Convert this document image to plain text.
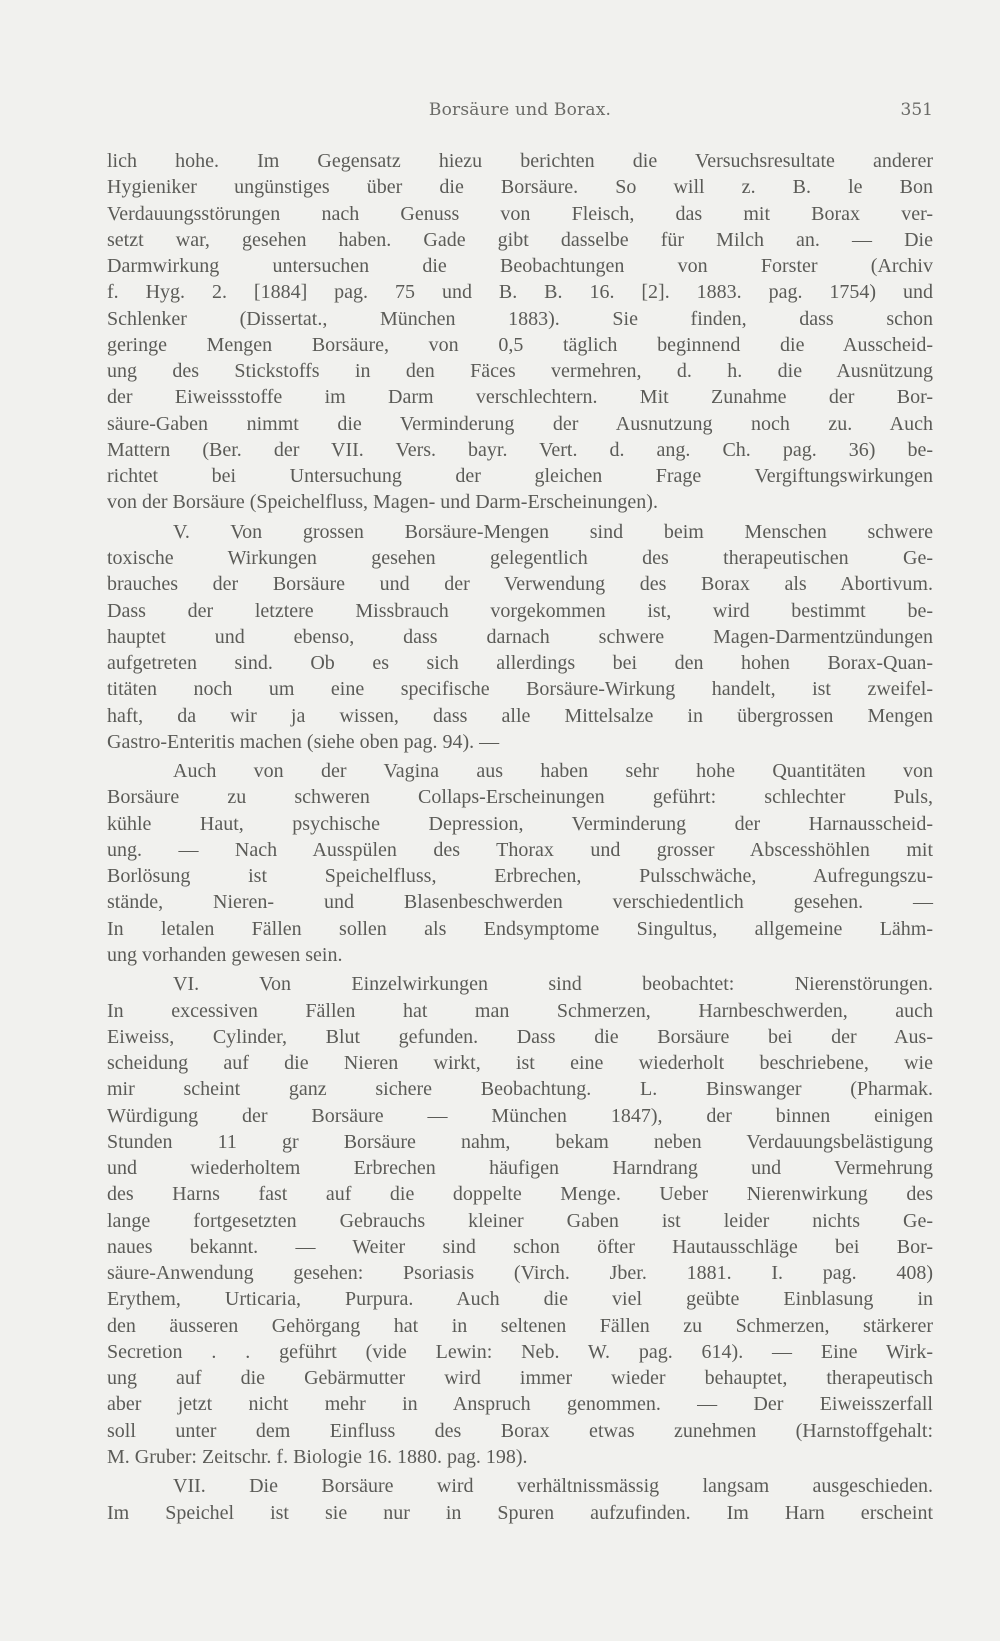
Borsäure und Borax.	351
lich hohe. Im Gegensatz hiezu berichten die Versuchsresultate anderer
Hygieniker ungünstiges über die Borsäure. So will z. B. le Bon
Verdauungsstörungen nach Genuss von Fleisch, das mit Borax ver-
setzt war, gesehen haben. Gade gibt dasselbe für Milch an. — Die
Darmwirkung untersuchen die Beobachtungen von Forster (Archiv
f. Hyg. 2. [1884] pag. 75 und B. B. 16. [2]. 1883. pag. 1754) und
Schlenker (Dissertat., München 1883). Sie finden, dass schon
geringe Mengen Borsäure, von 0,5 täglich beginnend die Ausscheid-
ung des Stickstoffs in den Fäces vermehren, d. h. die Ausnützung
der Eiweissstoffe im Darm verschlechtern. Mit Zunahme der Bor-
säure-Gaben nimmt die Verminderung der Ausnutzung noch zu. Auch
Mattern (Ber. der VII. Vers. bayr. Vert. d. ang. Ch. pag. 36) be-
richtet bei Untersuchung der gleichen Frage Vergiftungswirkungen
von der Borsäure (Speichelfluss, Magen- und Darm-Erscheinungen).
V. Von grossen Borsäure-Mengen sind beim Menschen schwere
toxische Wirkungen gesehen gelegentlich des therapeutischen Ge-
brauches der Borsäure und der Verwendung des Borax als Abortivum.
Dass der letztere Missbrauch vorgekommen ist, wird bestimmt be-
hauptet und ebenso, dass darnach schwere Magen-Darmentzündungen
aufgetreten sind. Ob es sich allerdings bei den hohen Borax-Quan-
titäten noch um eine specifische Borsäure-Wirkung handelt, ist zweifel-
haft, da wir ja wissen, dass alle Mittelsalze in übergrossen Mengen
Gastro-Enteritis machen (siehe oben pag. 94). —
Auch von der Vagina aus haben sehr hohe Quantitäten von
Borsäure zu schweren Collaps-Erscheinungen geführt: schlechter Puls,
kühle Haut, psychische Depression, Verminderung der Harnausscheid-
ung. — Nach Ausspülen des Thorax und grosser Abscesshöhlen mit
Borlösung ist Speichelfluss, Erbrechen, Pulsschwäche, Aufregungszu-
stände, Nieren- und Blasenbeschwerden verschiedentlich gesehen. —
In letalen Fällen sollen als Endsymptome Singultus, allgemeine Lähm-
ung vorhanden gewesen sein.
VI. Von Einzelwirkungen sind beobachtet: Nierenstörungen.
In excessiven Fällen hat man Schmerzen, Harnbeschwerden, auch
Eiweiss, Cylinder, Blut gefunden. Dass die Borsäure bei der Aus-
scheidung auf die Nieren wirkt, ist eine wiederholt beschriebene, wie
mir scheint ganz sichere Beobachtung. L. Binswanger (Pharmak.
Würdigung der Borsäure — München 1847), der binnen einigen
Stunden 11 gr Borsäure nahm, bekam neben Verdauungsbelästigung
und wiederholtem Erbrechen häufigen Harndrang und Vermehrung
des Harns fast auf die doppelte Menge. Ueber Nierenwirkung des
lange fortgesetzten Gebrauchs kleiner Gaben ist leider nichts Ge-
naues bekannt. — Weiter sind schon öfter Hautausschläge bei Bor-
säure-Anwendung gesehen: Psoriasis (Virch. Jber. 1881. I. pag. 408)
Erythem, Urticaria, Purpura. Auch die viel geübte Einblasung in
den äusseren Gehörgang hat in seltenen Fällen zu Schmerzen, stärkerer
Secretion . . geführt (vide Lewin: Neb. W. pag. 614). — Eine Wirk-
ung auf die Gebärmutter wird immer wieder behauptet, therapeutisch
aber jetzt nicht mehr in Anspruch genommen. — Der Eiweisszerfall
soll unter dem Einfluss des Borax etwas zunehmen (Harnstoffgehalt:
M. Gruber: Zeitschr. f. Biologie 16. 1880. pag. 198).
VII. Die Borsäure wird verhältnissmässig langsam ausgeschieden.
Im Speichel ist sie nur in Spuren aufzufinden. Im Harn erscheint
